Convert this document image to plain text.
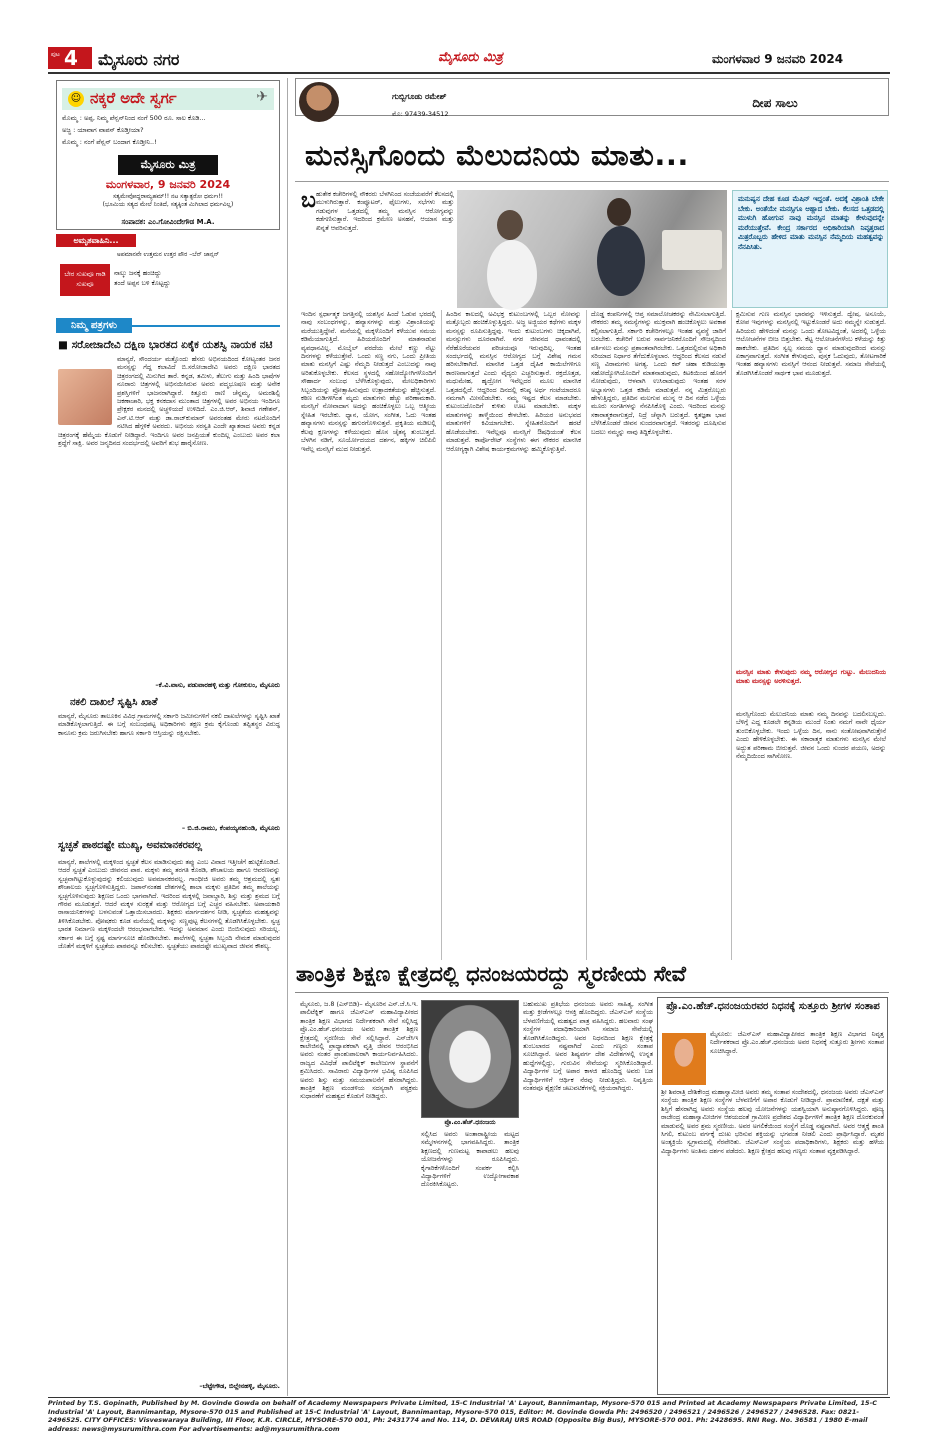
ಪುಟ 4 ಮೈಸೂರು ನಗರ	ಮೈಸೂರು ಮಿತ್ರ	ಮಂಗಳವಾರ 9 ಜನವರಿ 2024
☺ ನಕ್ಕರೆ ಅದೇ ಸ್ವರ್ಗ	✈
ಮೊಮ್ಮ : ಅಪ್ಪ, ನಿಮ್ಮ ಪೆನ್ಷನ್‌ನಿಂದ ನಂಗೆ 500 ರೂ. ಸಾಲ ಕೊಡಿ...
ಅಜ್ಜ : ಯಾವಾಗ ವಾಪಸ್ ಕೊಡ್ತೀಯಾ?
ಮೊಮ್ಮ : ನಂಗೆ ಪೆನ್ಷನ್ ಬಂದಾಗ ಕೊಡ್ತೀನಿ..!
ಮೈಸೂರು ಮಿತ್ರ
ಮಂಗಳವಾರ, 9 ಜನವರಿ 2024
ಸತ್ಯಮೇವೋದ್ಧರಾಮ್ಯಹಮ್!! ನಟ ಸತ್ಯಾತ್ಪರೋ ಧರ್ಮಃ!!
(ಭೂಮಿಯ ಸತ್ಯದ ಮೇಲೆ ನಿಂತಿದೆ, ಸತ್ಯಕ್ಕಿಂತ ಮಿಗಿಲಾದ ಧರ್ಮವಿಲ್ಲ)
ಸಂಪಾದಕ: ಎಂ.ಗೋವಿಂದೇಗೌಡ M.A.
ಅಮೃತವಾಹಿನಿ...
ಅಪಮಾನವೇ ಉತ್ತಮನ ಉತ್ತರ ಪೌರ –ಬೆನ್ ಜಾನ್ಸನ್
ಬೇರ ಸುಖವೂ ಗಾಡಿ ಸುಖವೂ
ನಾಲ್ಕು ಜನಕ್ಕೆ ಹಂಚಿದ್ದು
ತಂದೆ ಅಪ್ಪನ ಬಳಿ ಕೊಟ್ಟದ್ದು
ನಿಮ್ಮ ಪತ್ರಗಳು
■ ಸರೋಜಾದೇವಿ ದಕ್ಷಿಣ ಭಾರತದ ಏಕೈಕ ಯಶಸ್ವಿ ನಾಯಕ ನಟಿ
ಮಾನ್ಯರೆ, ಸೌಂದರ್ಯ ಮತ್ತೊಂದು ಹೆಸರು ಅಭಿನಯದಿಂದ ಕೋಟ್ಯಂತರ ಜನರ ಮನಸ್ಸನ್ನು ಗೆದ್ದ ಕಲಾವಿದೆ ಬಿ.ಸರೋಜಾದೇವಿ ಅವರು ದಕ್ಷಿಣ ಭಾರತದ ಚಿತ್ರರಂಗದಲ್ಲಿ ಮಿನುಗಿದ ತಾರೆ. ಕನ್ನಡ, ತಮಿಳು, ತೆಲುಗು ಮತ್ತು ಹಿಂದಿ ಭಾಷೆಗಳ ನೂರಾರು ಚಿತ್ರಗಳಲ್ಲಿ ಅಭಿನಯಿಸಿರುವ ಅವರು ಪದ್ಮಭೂಷಣ ಮತ್ತು ಅನೇಕ ಪ್ರಶಸ್ತಿಗಳಿಗೆ ಭಾಜನರಾಗಿದ್ದಾರೆ. ಕಿತ್ತೂರು ರಾಣಿ ಚೆನ್ನಮ್ಮ, ಅಮರಶಿಲ್ಪಿ ಜಕಣಾಚಾರಿ, ಭಕ್ತ ಕನಕದಾಸ ಮುಂತಾದ ಚಿತ್ರಗಳಲ್ಲಿ ಅವರ ಅಭಿನಯ ಇಂದಿಗೂ ಪ್ರೇಕ್ಷಕರ ಮನದಲ್ಲಿ ಅಚ್ಚಳಿಯದೆ ಉಳಿದಿದೆ. ಎಂ.ಜಿ.ಆರ್, ಶಿವಾಜಿ ಗಣೇಶನ್, ಎನ್.ಟಿ.ಆರ್ ಮತ್ತು ಡಾ.ರಾಜ್‌ಕುಮಾರ್ ಅವರಂತಹ ಮೇರು ನಟರೊಂದಿಗೆ ನಟಿಸಿದ ಹೆಗ್ಗಳಿಕೆ ಅವರದು. ಅಭಿನಯ ಸರಸ್ವತಿ ಎಂದೇ ಖ್ಯಾತರಾದ ಅವರು ಕನ್ನಡ ಚಿತ್ರರಂಗಕ್ಕೆ ಹೆಮ್ಮೆಯ ಕೊಡುಗೆ ನೀಡಿದ್ದಾರೆ. ಇಂದಿಗೂ ಅವರ ಜನಪ್ರಿಯತೆ ಕುಂದಿಲ್ಲ ಎಂಬುದು ಅವರ ಕಲಾ ಶ್ರದ್ಧೆಗೆ ಸಾಕ್ಷಿ. ಅವರ ಜನ್ಮದಿನದ ಸಂದರ್ಭದಲ್ಲಿ ಅವರಿಗೆ ಶುಭ ಹಾರೈಸೋಣ.
–ಕೆ.ವಿ.ವಾಸು, ಪಡುವಾರಹಳ್ಳಿ ಮತ್ತು ಗೋಕುಲಂ, ಮೈಸೂರು
ನಕಲಿ ದಾಖಲೆ ಸೃಷ್ಟಿಸಿ ಖಾತೆ
ಮಾನ್ಯರೆ, ಮೈಸೂರು ತಾಲೂಕಿನ ವಿವಿಧ ಗ್ರಾಮಗಳಲ್ಲಿ ಸರ್ಕಾರಿ ಜಮೀನುಗಳಿಗೆ ನಕಲಿ ದಾಖಲೆಗಳನ್ನು ಸೃಷ್ಟಿಸಿ ಖಾತೆ ಮಾಡಿಕೊಳ್ಳಲಾಗುತ್ತಿದೆ. ಈ ಬಗ್ಗೆ ಸಂಬಂಧಪಟ್ಟ ಅಧಿಕಾರಿಗಳು ತಕ್ಷಣ ಕ್ರಮ ಕೈಗೊಂಡು ತಪ್ಪಿತಸ್ಥರ ವಿರುದ್ಧ ಕಾನೂನು ಕ್ರಮ ಜರುಗಿಸಬೇಕು ಹಾಗೂ ಸರ್ಕಾರಿ ಆಸ್ತಿಯನ್ನು ರಕ್ಷಿಸಬೇಕು.
– ಬಿ.ಜಿ.ರಾಮು, ಕೆಂಪಯ್ಯನಹುಂಡಿ, ಮೈಸೂರು
ಸ್ವಚ್ಛತೆ ಪಾಠದಷ್ಟೇ ಮುಖ್ಯ, ಅವಮಾನಕರವಲ್ಲ
ಮಾನ್ಯರೆ, ಶಾಲೆಗಳಲ್ಲಿ ಮಕ್ಕಳಿಂದ ಸ್ವಚ್ಛತೆ ಕೆಲಸ ಮಾಡಿಸುವುದು ತಪ್ಪು ಎಂಬ ವಿವಾದ ಇತ್ತೀಚೆಗೆ ಹುಟ್ಟಿಕೊಂಡಿದೆ. ಆದರೆ ಸ್ವಚ್ಛತೆ ಎಂಬುದು ಜೀವನದ ಪಾಠ. ಮಕ್ಕಳು ತಮ್ಮ ತರಗತಿ ಕೊಠಡಿ, ಶೌಚಾಲಯ ಹಾಗೂ ಆವರಣವನ್ನು ಸ್ವಚ್ಛವಾಗಿಟ್ಟುಕೊಳ್ಳುವುದನ್ನು ಕಲಿಯುವುದು ಅವಮಾನಕರವಲ್ಲ. ಗಾಂಧೀಜಿ ಅವರು ತಮ್ಮ ಆಶ್ರಮದಲ್ಲಿ ಸ್ವತಃ ಶೌಚಾಲಯ ಸ್ವಚ್ಛಗೊಳಿಸುತ್ತಿದ್ದರು. ಜಪಾನ್‌ನಂತಹ ದೇಶಗಳಲ್ಲಿ ಶಾಲಾ ಮಕ್ಕಳು ಪ್ರತಿದಿನ ತಮ್ಮ ಶಾಲೆಯನ್ನು ಸ್ವಚ್ಛಗೊಳಿಸುವುದು ಶಿಕ್ಷಣದ ಒಂದು ಭಾಗವಾಗಿದೆ. ಇದರಿಂದ ಮಕ್ಕಳಲ್ಲಿ ಜವಾಬ್ದಾರಿ, ಶಿಸ್ತು ಮತ್ತು ಶ್ರಮದ ಬಗ್ಗೆ ಗೌರವ ಮೂಡುತ್ತದೆ. ಆದರೆ ಮಕ್ಕಳ ಸುರಕ್ಷತೆ ಮತ್ತು ಆರೋಗ್ಯದ ಬಗ್ಗೆ ಎಚ್ಚರ ವಹಿಸಬೇಕು. ಅಪಾಯಕಾರಿ ರಾಸಾಯನಿಕಗಳನ್ನು ಬಳಸುವಂತೆ ಒತ್ತಾಯಿಸಬಾರದು. ಶಿಕ್ಷಕರು ಮಾರ್ಗದರ್ಶನ ನೀಡಿ, ಸ್ವಚ್ಛತೆಯ ಮಹತ್ವವನ್ನು ತಿಳಿಸಿಕೊಡಬೇಕು. ಪೋಷಕರು ಕೂಡ ಮನೆಯಲ್ಲಿ ಮಕ್ಕಳನ್ನು ಸಣ್ಣಪುಟ್ಟ ಕೆಲಸಗಳಲ್ಲಿ ತೊಡಗಿಸಿಕೊಳ್ಳಬೇಕು. ಸ್ವಚ್ಛ ಭಾರತ ನಿರ್ಮಾಣ ಮಕ್ಕಳಿಂದಲೇ ಆರಂಭವಾಗಬೇಕು. ಇದನ್ನು ಅವಮಾನ ಎಂದು ಬಿಂಬಿಸುವುದು ಸರಿಯಲ್ಲ. ಸರ್ಕಾರ ಈ ಬಗ್ಗೆ ಸ್ಪಷ್ಟ ಮಾರ್ಗಸೂಚಿ ಹೊರಡಿಸಬೇಕು. ಶಾಲೆಗಳಲ್ಲಿ ಸ್ವಚ್ಛತಾ ಸಿಬ್ಬಂದಿ ನೇಮಕ ಮಾಡುವುದರ ಜೊತೆಗೆ ಮಕ್ಕಳಿಗೆ ಸ್ವಚ್ಛತೆಯ ಪಾಠವನ್ನೂ ಕಲಿಸಬೇಕು. ಸ್ವಚ್ಛತೆಯು ಪಾಠದಷ್ಟೇ ಮುಖ್ಯವಾದ ಜೀವನ ಕೌಶಲ್ಯ.
–ಬೆಟ್ಟೇಗೌಡ, ಬಿಲ್ಲೇನಹಳ್ಳಿ, ಮೈಸೂರು.
ಗುಬ್ಬಿಗೂಡು ರಮೇಶ್
ಮೊ: 97439-34512
ದೀಪ ಸಾಲು
ಮನಸ್ಸಿಗೊಂದು ಮೆಲುದನಿಯ ಮಾತು...
ಬ ಹುತೇಕ ಕಚೇರಿಗಳಲ್ಲಿ ನೌಕರರು ಬೆಳಗಿನಿಂದ ಸಂಜೆಯವರೆಗೆ ಕೆಲಸದಲ್ಲಿ ಮುಳುಗಿರುತ್ತಾರೆ. ಕಂಪ್ಯೂಟರ್, ಫೈಲುಗಳು, ಸಭೆಗಳು ಮತ್ತು ಗಡುವುಗಳ ಒತ್ತಡದಲ್ಲಿ ತಮ್ಮ ಮನಸ್ಸಿನ ಆರೋಗ್ಯವನ್ನು ಕಡೆಗಣಿಸುತ್ತಾರೆ. ಇದರಿಂದ ಕ್ರಮೇಣ ಅಸಹನೆ, ಆಯಾಸ ಮತ್ತು ಖಿನ್ನತೆ ಆವರಿಸುತ್ತದೆ.
ಮನುಷ್ಯನ ದೇಹ ಕೂಡ ಮೆಷಿನ್ ಇದ್ದಂತೆ. ಅದಕ್ಕೆ ವಿಶ್ರಾಂತಿ ಬೇಕೇ ಬೇಕು. ಅಂತೆಯೇ ಮನಸ್ಸಿಗೂ ಆಹ್ಲಾದ ಬೇಕು. ಕೆಲಸದ ಒತ್ತಡದಲ್ಲಿ ಮುಳುಗಿ ಹೋಗುವ ನಾವು ಮನಸ್ಸಿನ ಮಾತನ್ನು ಕೇಳುವುದನ್ನೇ ಮರೆಯುತ್ತೇವೆ. ಕೇಂದ್ರ ಸರ್ಕಾರದ ಅಧಿಕಾರಿಯಾಗಿ ನಿವೃತ್ತರಾದ ಮಿತ್ರರೊಬ್ಬರು ಹೇಳಿದ ಮಾತು ಮನಸ್ಸಿನ ನೆಮ್ಮದಿಯ ಮಹತ್ವವನ್ನು ನೆನಪಿಸಿತು.
ಇಂದಿನ ಸ್ಪರ್ಧಾತ್ಮಕ ಜಗತ್ತಿನಲ್ಲಿ ಯಶಸ್ಸಿನ ಹಿಂದೆ ಓಡುವ ಭರದಲ್ಲಿ ನಾವು ಸಂಬಂಧಗಳನ್ನು, ಹವ್ಯಾಸಗಳನ್ನು ಮತ್ತು ವಿಶ್ರಾಂತಿಯನ್ನು ಮರೆಯುತ್ತಿದ್ದೇವೆ. ಮನೆಯಲ್ಲಿ ಮಕ್ಕಳೊಂದಿಗೆ ಕಳೆಯುವ ಸಮಯ ಕಡಿಮೆಯಾಗುತ್ತಿದೆ. ಹಿರಿಯರೊಂದಿಗೆ ಮಾತನಾಡುವ ವ್ಯವಧಾನವಿಲ್ಲ. ಮೊಬೈಲ್ ಪರದೆಯ ಮೇಲೆ ಕಣ್ಣು ನೆಟ್ಟು ದಿನಗಳನ್ನು ಕಳೆಯುತ್ತೇವೆ. ಒಂದು ಸಣ್ಣ ನಗು, ಒಂದು ಪ್ರೀತಿಯ ಮಾತು ಮನಸ್ಸಿಗೆ ಎಷ್ಟು ನೆಮ್ಮದಿ ನೀಡುತ್ತದೆ ಎಂಬುದನ್ನು ನಾವು ಅರಿತುಕೊಳ್ಳಬೇಕು. ಕೆಲಸದ ಸ್ಥಳದಲ್ಲಿ ಸಹೋದ್ಯೋಗಿಗಳೊಂದಿಗೆ ಸೌಹಾರ್ದ ಸಂಬಂಧ ಬೆಳೆಸಿಕೊಳ್ಳುವುದು, ಮೇಲಧಿಕಾರಿಗಳು ಸಿಬ್ಬಂದಿಯನ್ನು ಪ್ರೋತ್ಸಾಹಿಸುವುದು ಉತ್ಪಾದಕತೆಯನ್ನು ಹೆಚ್ಚಿಸುತ್ತದೆ. ಕಠಿಣ ನುಡಿಗಳಿಗಿಂತ ಮೃದು ಮಾತುಗಳು ಹೆಚ್ಚು ಪರಿಣಾಮಕಾರಿ. ಮನಸ್ಸಿಗೆ ನೋವಾದಾಗ ಅದನ್ನು ಹಂಚಿಕೊಳ್ಳಲು ಒಬ್ಬ ಆತ್ಮೀಯ ಸ್ನೇಹಿತ ಇರಬೇಕು. ಧ್ಯಾನ, ಯೋಗ, ಸಂಗೀತ, ಓದು ಇಂತಹ ಹವ್ಯಾಸಗಳು ಮನಸ್ಸನ್ನು ಹಗುರಗೊಳಿಸುತ್ತವೆ. ಪ್ರಕೃತಿಯ ಮಡಿಲಲ್ಲಿ ಕೆಲವು ಕ್ಷಣಗಳನ್ನು ಕಳೆಯುವುದು ಹೊಸ ಚೈತನ್ಯ ತುಂಬುತ್ತದೆ. ಬೆಳಗಿನ ನಡಿಗೆ, ಸೂರ್ಯೋದಯದ ದರ್ಶನ, ಹಕ್ಕಿಗಳ ಚಿಲಿಪಿಲಿ ಇವೆಲ್ಲ ಮನಸ್ಸಿಗೆ ಮುದ ನೀಡುತ್ತವೆ.
ಹಿಂದಿನ ಕಾಲದಲ್ಲಿ ಅವಿಭಕ್ತ ಕುಟುಂಬಗಳಲ್ಲಿ ಒಬ್ಬರ ನೋವನ್ನು ಮತ್ತೊಬ್ಬರು ಹಂಚಿಕೊಳ್ಳುತ್ತಿದ್ದರು. ಅಜ್ಜ ಅಜ್ಜಿಯರ ಕಥೆಗಳು ಮಕ್ಕಳ ಮನಸ್ಸನ್ನು ರೂಪಿಸುತ್ತಿದ್ದವು. ಇಂದು ಕುಟುಂಬಗಳು ಚಿಕ್ಕದಾಗಿವೆ, ಮನಸ್ಸುಗಳು ದೂರವಾಗಿವೆ. ನಗರ ಜೀವನದ ಧಾವಂತದಲ್ಲಿ ನೆರೆಹೊರೆಯವರ ಪರಿಚಯವೂ ಇರುವುದಿಲ್ಲ. ಇಂತಹ ಸಂದರ್ಭದಲ್ಲಿ ಮನಸ್ಸಿನ ಆರೋಗ್ಯದ ಬಗ್ಗೆ ವಿಶೇಷ ಗಮನ ಹರಿಸಬೇಕಾಗಿದೆ. ಮಾನಸಿಕ ಒತ್ತಡ ದೈಹಿಕ ಕಾಯಿಲೆಗಳಿಗೂ ಕಾರಣವಾಗುತ್ತದೆ ಎಂದು ವೈದ್ಯರು ಎಚ್ಚರಿಸುತ್ತಾರೆ. ರಕ್ತದೊತ್ತಡ, ಮಧುಮೇಹ, ಹೃದ್ರೋಗ ಇವೆಲ್ಲದರ ಮೂಲ ಮಾನಸಿಕ ಒತ್ತಡದಲ್ಲಿದೆ. ಆದ್ದರಿಂದ ದಿನದಲ್ಲಿ ಕನಿಷ್ಠ ಅರ್ಧ ಗಂಟೆಯಾದರೂ ನಮಗಾಗಿ ಮೀಸಲಿಡಬೇಕು. ನಮ್ಮ ಇಷ್ಟದ ಕೆಲಸ ಮಾಡಬೇಕು. ಕುಟುಂಬದೊಂದಿಗೆ ಕುಳಿತು ಊಟ ಮಾಡಬೇಕು. ಮಕ್ಕಳ ಮಾತುಗಳನ್ನು ತಾಳ್ಮೆಯಿಂದ ಕೇಳಬೇಕು. ಹಿರಿಯರ ಅನುಭವದ ಮಾತುಗಳಿಗೆ ಕಿವಿಯಾಗಬೇಕು. ಸ್ನೇಹಿತರೊಂದಿಗೆ ಹರಟೆ ಹೊಡೆಯಬೇಕು. ಇವೆಲ್ಲವೂ ಮನಸ್ಸಿಗೆ ಔಷಧಿಯಂತೆ ಕೆಲಸ ಮಾಡುತ್ತವೆ. ಕಾರ್ಪೊರೇಟ್ ಸಂಸ್ಥೆಗಳು ಈಗ ನೌಕರರ ಮಾನಸಿಕ ಆರೋಗ್ಯಕ್ಕಾಗಿ ವಿಶೇಷ ಕಾರ್ಯಕ್ರಮಗಳನ್ನು ಹಮ್ಮಿಕೊಳ್ಳುತ್ತಿವೆ.
ದೊಡ್ಡ ಕಂಪನಿಗಳಲ್ಲಿ ಆಪ್ತ ಸಮಾಲೋಚಕರನ್ನು ನೇಮಿಸಲಾಗುತ್ತಿದೆ. ನೌಕರರು ತಮ್ಮ ಸಮಸ್ಯೆಗಳನ್ನು ಮುಕ್ತವಾಗಿ ಹಂಚಿಕೊಳ್ಳಲು ಅವಕಾಶ ಕಲ್ಪಿಸಲಾಗುತ್ತಿದೆ. ಸರ್ಕಾರಿ ಕಚೇರಿಗಳಲ್ಲೂ ಇಂತಹ ವ್ಯವಸ್ಥೆ ಜಾರಿಗೆ ಬರಬೇಕು. ಕಚೇರಿಗೆ ಬರುವ ಸಾರ್ವಜನಿಕರೊಂದಿಗೆ ಸೌಜನ್ಯದಿಂದ ವರ್ತಿಸಲು ಮನಸ್ಸು ಪ್ರಶಾಂತವಾಗಿರಬೇಕು. ಒತ್ತಡದಲ್ಲಿರುವ ಅಧಿಕಾರಿ ಸರಿಯಾದ ನಿರ್ಧಾರ ತೆಗೆದುಕೊಳ್ಳಲಾರ. ಆದ್ದರಿಂದ ಕೆಲಸದ ನಡುವೆ ಸಣ್ಣ ವಿರಾಮಗಳು ಅಗತ್ಯ. ಒಂದು ಕಪ್ ಚಹಾ ಕುಡಿಯುತ್ತಾ ಸಹೋದ್ಯೋಗಿಯೊಂದಿಗೆ ಮಾತನಾಡುವುದು, ಕಿಟಕಿಯಿಂದ ಹೊರಗೆ ನೋಡುವುದು, ಆಳವಾಗಿ ಉಸಿರಾಡುವುದು ಇಂತಹ ಸರಳ ಅಭ್ಯಾಸಗಳು ಒತ್ತಡ ಕಡಿಮೆ ಮಾಡುತ್ತವೆ. ನನ್ನ ಮಿತ್ರರೊಬ್ಬರು ಹೇಳುತ್ತಿದ್ದರು, ಪ್ರತಿದಿನ ಮಲಗುವ ಮುನ್ನ ಆ ದಿನ ನಡೆದ ಒಳ್ಳೆಯ ಮೂರು ಸಂಗತಿಗಳನ್ನು ನೆನಪಿಸಿಕೊಳ್ಳಿ ಎಂದು. ಇದರಿಂದ ಮನಸ್ಸು ಸಕಾರಾತ್ಮಕವಾಗುತ್ತದೆ, ನಿದ್ರೆ ಚೆನ್ನಾಗಿ ಬರುತ್ತದೆ. ಕೃತಜ್ಞತಾ ಭಾವ ಬೆಳೆಸಿಕೊಂಡರೆ ಜೀವನ ಸುಂದರವಾಗುತ್ತದೆ. ಇತರರನ್ನು ದೂಷಿಸುವ ಬದಲು ನಮ್ಮನ್ನು ನಾವು ತಿದ್ದಿಕೊಳ್ಳಬೇಕು.
ಕ್ಷಮಿಸುವ ಗುಣ ಮನಸ್ಸಿನ ಭಾರವನ್ನು ಇಳಿಸುತ್ತದೆ. ದ್ವೇಷ, ಅಸೂಯೆ, ಕೋಪ ಇವುಗಳನ್ನು ಮನಸ್ಸಿನಲ್ಲಿ ಇಟ್ಟುಕೊಂಡರೆ ಅದು ನಮ್ಮನ್ನೇ ಸುಡುತ್ತದೆ. ಹಿರಿಯರು ಹೇಳಿದಂತೆ ಮನಸ್ಸು ಒಂದು ತೋಟವಿದ್ದಂತೆ, ಅದರಲ್ಲಿ ಒಳ್ಳೆಯ ಆಲೋಚನೆಗಳ ಬೀಜ ಬಿತ್ತಬೇಕು. ಕೆಟ್ಟ ಆಲೋಚನೆಗಳೆಂಬ ಕಳೆಯನ್ನು ಕಿತ್ತು ಹಾಕಬೇಕು. ಪ್ರತಿದಿನ ಸ್ವಲ್ಪ ಸಮಯ ಧ್ಯಾನ ಮಾಡುವುದರಿಂದ ಮನಸ್ಸು ಏಕಾಗ್ರವಾಗುತ್ತದೆ. ಸಂಗೀತ ಕೇಳುವುದು, ಪುಸ್ತಕ ಓದುವುದು, ತೋಟಗಾರಿಕೆ ಇಂತಹ ಹವ್ಯಾಸಗಳು ಮನಸ್ಸಿಗೆ ಆನಂದ ನೀಡುತ್ತವೆ. ಸಮಾಜ ಸೇವೆಯಲ್ಲಿ ತೊಡಗಿಸಿಕೊಂಡರೆ ಸಾರ್ಥಕ ಭಾವ ಮೂಡುತ್ತದೆ.
ಮನಸ್ಸಿನ ಮಾತು ಕೇಳುವುದು ನಮ್ಮ ಆರೋಗ್ಯದ ಗುಟ್ಟು. ಮೆಲುದನಿಯ ಮಾತು ಮನಸ್ಸನ್ನು ಅರಳಿಸುತ್ತದೆ.
ಮನಸ್ಸಿಗೊಂದು ಮೆಲುದನಿಯ ಮಾತು ನಮ್ಮ ದಿನವನ್ನು ಬದಲಿಸಬಲ್ಲದು. ಬೆಳಿಗ್ಗೆ ಎದ್ದ ಕೂಡಲೇ ಕನ್ನಡಿಯ ಮುಂದೆ ನಿಂತು ನಮಗೆ ನಾವೇ ಧೈರ್ಯ ತುಂಬಿಕೊಳ್ಳಬೇಕು. ಇಂದು ಒಳ್ಳೆಯ ದಿನ, ನಾನು ಸಂತೋಷವಾಗಿರುತ್ತೇನೆ ಎಂದು ಹೇಳಿಕೊಳ್ಳಬೇಕು. ಈ ಸಕಾರಾತ್ಮಕ ಮಾತುಗಳು ಮನಸ್ಸಿನ ಮೇಲೆ ಅದ್ಭುತ ಪರಿಣಾಮ ಬೀರುತ್ತವೆ. ಜೀವನ ಒಂದು ಸುಂದರ ಪಯಣ, ಅದನ್ನು ನೆಮ್ಮದಿಯಿಂದ ಸಾಗಿಸೋಣ.
ತಾಂತ್ರಿಕ ಶಿಕ್ಷಣ ಕ್ಷೇತ್ರದಲ್ಲಿ ಧನಂಜಯರದ್ದು ಸ್ಮರಣೀಯ ಸೇವೆ
ಮೈಸೂರು, ಜ.8 (ಎಸ್‌ಬಿಡಿ)– ಮೈಸೂರಿನ ಎಸ್.ಜೆ.ಸಿ.ಇ. ಪಾಲಿಟೆಕ್ನಿಕ್ ಹಾಗೂ ಜೆಎಸ್‌ಎಸ್ ಮಹಾವಿದ್ಯಾಪೀಠದ ತಾಂತ್ರಿಕ ಶಿಕ್ಷಣ ವಿಭಾಗದ ನಿರ್ದೇಶಕರಾಗಿ ಸೇವೆ ಸಲ್ಲಿಸಿದ್ದ ಪ್ರೊ.ಎಂ.ಹೆಚ್.ಧನಂಜಯ ಅವರು ತಾಂತ್ರಿಕ ಶಿಕ್ಷಣ ಕ್ಷೇತ್ರದಲ್ಲಿ ಸ್ಮರಣೀಯ ಸೇವೆ ಸಲ್ಲಿಸಿದ್ದಾರೆ. ಎಸ್‌ಜೆಸಿಇ ಕಾಲೇಜಿನಲ್ಲಿ ಪ್ರಾಧ್ಯಾಪಕರಾಗಿ ವೃತ್ತಿ ಜೀವನ ಆರಂಭಿಸಿದ ಅವರು ನಂತರ ಪ್ರಾಂಶುಪಾಲರಾಗಿ ಕಾರ್ಯನಿರ್ವಹಿಸಿದರು. ರಾಜ್ಯದ ವಿವಿಧೆಡೆ ಪಾಲಿಟೆಕ್ನಿಕ್ ಕಾಲೇಜುಗಳ ಸ್ಥಾಪನೆಗೆ ಶ್ರಮಿಸಿದರು. ಸಾವಿರಾರು ವಿದ್ಯಾರ್ಥಿಗಳ ಭವಿಷ್ಯ ರೂಪಿಸಿದ ಅವರು ಶಿಸ್ತು ಮತ್ತು ಸಮಯಪಾಲನೆಗೆ ಹೆಸರಾಗಿದ್ದರು. ತಾಂತ್ರಿಕ ಶಿಕ್ಷಣ ಮಂಡಳಿಯ ಸದಸ್ಯರಾಗಿ ಪಠ್ಯಕ್ರಮ ಸುಧಾರಣೆಗೆ ಮಹತ್ವದ ಕೊಡುಗೆ ನೀಡಿದ್ದರು.
ಪ್ರೊ.ಎಂ.ಹೆಚ್.ಧನಂಜಯ
ಸಲ್ಲಿಸಿದ ಅವರು ಅಂತಾರಾಷ್ಟ್ರೀಯ ಮಟ್ಟದ ಸಮ್ಮೇಳನಗಳಲ್ಲಿ ಭಾಗವಹಿಸಿದ್ದರು. ತಾಂತ್ರಿಕ ಶಿಕ್ಷಣದಲ್ಲಿ ಗುಣಮಟ್ಟ ಕಾಪಾಡಲು ಹಲವು ಯೋಜನೆಗಳನ್ನು ರೂಪಿಸಿದ್ದರು. ಕೈಗಾರಿಕೆಗಳೊಂದಿಗೆ ಸಂಪರ್ಕ ಕಲ್ಪಿಸಿ ವಿದ್ಯಾರ್ಥಿಗಳಿಗೆ ಉದ್ಯೋಗಾವಕಾಶ ದೊರಕಿಸಿಕೊಟ್ಟರು.
ಬಹುಮುಖ ಪ್ರತಿಭೆಯ ಧನಂಜಯ ಅವರು ಸಾಹಿತ್ಯ, ಸಂಗೀತ ಮತ್ತು ಕ್ರೀಡೆಗಳಲ್ಲೂ ಆಸಕ್ತಿ ಹೊಂದಿದ್ದರು. ಜೆಎಸ್‌ಎಸ್ ಸಂಸ್ಥೆಯ ಬೆಳವಣಿಗೆಯಲ್ಲಿ ಮಹತ್ವದ ಪಾತ್ರ ವಹಿಸಿದ್ದರು. ಹಲವಾರು ಸಂಘ ಸಂಸ್ಥೆಗಳ ಪದಾಧಿಕಾರಿಯಾಗಿ ಸಮಾಜ ಸೇವೆಯಲ್ಲಿ ತೊಡಗಿಸಿಕೊಂಡಿದ್ದರು. ಅವರ ನಿಧನದಿಂದ ಶಿಕ್ಷಣ ಕ್ಷೇತ್ರಕ್ಕೆ ತುಂಬಲಾರದ ನಷ್ಟವಾಗಿದೆ ಎಂದು ಗಣ್ಯರು ಸಂತಾಪ ಸೂಚಿಸಿದ್ದಾರೆ. ಅವರ ಶಿಷ್ಯವರ್ಗ ದೇಶ ವಿದೇಶಗಳಲ್ಲಿ ಉನ್ನತ ಹುದ್ದೆಗಳಲ್ಲಿದ್ದು, ಗುರುವಿನ ಸೇವೆಯನ್ನು ಸ್ಮರಿಸಿಕೊಂಡಿದ್ದಾರೆ. ವಿದ್ಯಾರ್ಥಿಗಳ ಬಗ್ಗೆ ಅಪಾರ ಕಾಳಜಿ ಹೊಂದಿದ್ದ ಅವರು ಬಡ ವಿದ್ಯಾರ್ಥಿಗಳಿಗೆ ಆರ್ಥಿಕ ನೆರವು ನೀಡುತ್ತಿದ್ದರು. ನಿವೃತ್ತಿಯ ನಂತರವೂ ಶೈಕ್ಷಣಿಕ ಚಟುವಟಿಕೆಗಳಲ್ಲಿ ಸಕ್ರಿಯರಾಗಿದ್ದರು.
ಪ್ರೊ.ಎಂ.ಹೆಚ್.ಧನಂಜಯರವರ ನಿಧನಕ್ಕೆ ಸುತ್ತೂರು ಶ್ರೀಗಳ ಸಂತಾಪ
ಮೈಸೂರು: ಜೆಎಸ್‌ಎಸ್ ಮಹಾವಿದ್ಯಾಪೀಠದ ತಾಂತ್ರಿಕ ಶಿಕ್ಷಣ ವಿಭಾಗದ ನಿವೃತ್ತ ನಿರ್ದೇಶಕರಾದ ಪ್ರೊ.ಎಂ.ಹೆಚ್.ಧನಂಜಯ ಅವರ ನಿಧನಕ್ಕೆ ಸುತ್ತೂರು ಶ್ರೀಗಳು ಸಂತಾಪ ಸೂಚಿಸಿದ್ದಾರೆ.
ಶ್ರೀ ಶಿವರಾತ್ರಿ ದೇಶಿಕೇಂದ್ರ ಮಹಾಸ್ವಾಮೀಜಿ ಅವರು ತಮ್ಮ ಸಂತಾಪ ಸಂದೇಶದಲ್ಲಿ, ಧನಂಜಯ ಅವರು ಜೆಎಸ್‌ಎಸ್ ಸಂಸ್ಥೆಯ ತಾಂತ್ರಿಕ ಶಿಕ್ಷಣ ಸಂಸ್ಥೆಗಳ ಬೆಳವಣಿಗೆಗೆ ಅಪಾರ ಕೊಡುಗೆ ನೀಡಿದ್ದಾರೆ. ಪ್ರಾಮಾಣಿಕತೆ, ದಕ್ಷತೆ ಮತ್ತು ಶಿಸ್ತಿಗೆ ಹೆಸರಾಗಿದ್ದ ಅವರು ಸಂಸ್ಥೆಯ ಹಲವು ಯೋಜನೆಗಳನ್ನು ಯಶಸ್ವಿಯಾಗಿ ಅನುಷ್ಠಾನಗೊಳಿಸಿದ್ದರು. ಪೂಜ್ಯ ರಾಜೇಂದ್ರ ಮಹಾಸ್ವಾಮೀಜಿಗಳ ಆಶಯದಂತೆ ಗ್ರಾಮೀಣ ಪ್ರದೇಶದ ವಿದ್ಯಾರ್ಥಿಗಳಿಗೆ ತಾಂತ್ರಿಕ ಶಿಕ್ಷಣ ದೊರಕುವಂತೆ ಮಾಡುವಲ್ಲಿ ಅವರ ಶ್ರಮ ಸ್ಮರಣೀಯ. ಅವರ ಅಗಲಿಕೆಯಿಂದ ಸಂಸ್ಥೆಗೆ ದೊಡ್ಡ ನಷ್ಟವಾಗಿದೆ. ಅವರ ಆತ್ಮಕ್ಕೆ ಶಾಂತಿ ಸಿಗಲಿ, ಕುಟುಂಬ ವರ್ಗಕ್ಕೆ ದುಃಖ ಭರಿಸುವ ಶಕ್ತಿಯನ್ನು ಭಗವಂತ ನೀಡಲಿ ಎಂದು ಪ್ರಾರ್ಥಿಸಿದ್ದಾರೆ. ಮೃತರ ಅಂತ್ಯಕ್ರಿಯೆ ಸ್ವಗ್ರಾಮದಲ್ಲಿ ನೆರವೇರಿತು. ಜೆಎಸ್‌ಎಸ್ ಸಂಸ್ಥೆಯ ಪದಾಧಿಕಾರಿಗಳು, ಶಿಕ್ಷಕರು ಮತ್ತು ಹಳೆಯ ವಿದ್ಯಾರ್ಥಿಗಳು ಅಂತಿಮ ದರ್ಶನ ಪಡೆದರು. ಶಿಕ್ಷಣ ಕ್ಷೇತ್ರದ ಹಲವು ಗಣ್ಯರು ಸಂತಾಪ ವ್ಯಕ್ತಪಡಿಸಿದ್ದಾರೆ.
Printed by T.S. Gopinath, Published by M. Govinde Gowda on behalf of Academy Newspapers Private Limited, 15-C Industrial 'A' Layout, Bannimantap, Mysore-570 015 and Printed at Academy Newspapers Private Limited, 15-C Industrial 'A' Layout, Bannimantap, Mysore-570 015 and Published at 15-C Industrial 'A' Layout, Bannimantap, Mysore-570 015, Editor: M. Govinde Gowda Ph: 2496520 / 2496521 / 2496526 / 2496527 / 2496528. Fax: 0821-2496525. CITY OFFICES: Visveswaraya Building, III Floor, K.R. CIRCLE, MYSORE-570 001, Ph: 2431774 and No. 114, D. DEVARAJ URS ROAD (Opposite Big Bus), MYSORE-570 001. Ph: 2428695. RNI Reg. No. 36581 / 1980 E-mail address: news@mysurumithra.com For advertisements: ad@mysurumithra.com
